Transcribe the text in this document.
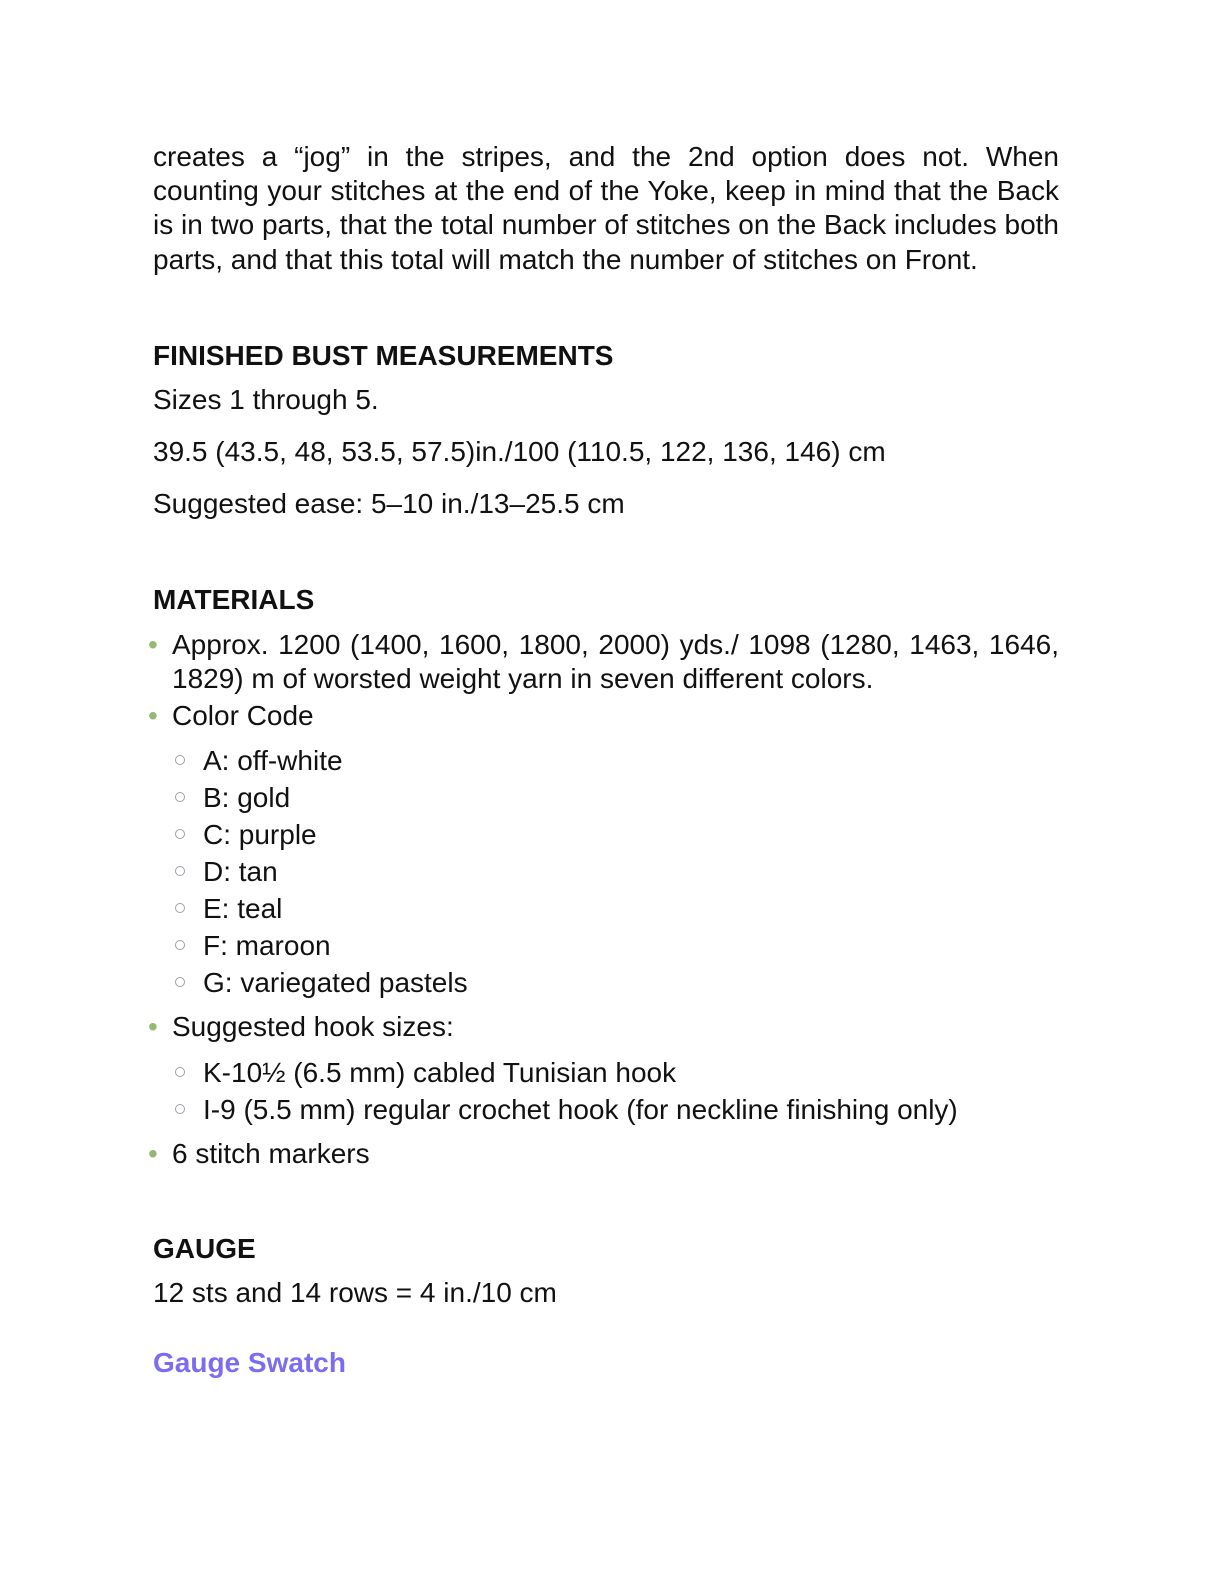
creates a “jog” in the stripes, and the 2nd option does not. When counting your stitches at the end of the Yoke, keep in mind that the Back is in two parts, that the total number of stitches on the Back includes both parts, and that this total will match the number of stitches on Front.

FINISHED BUST MEASUREMENTS

Sizes 1 through 5.

39.5 (43.5, 48, 53.5, 57.5)in./100 (110.5, 122, 136, 146) cm

Suggested ease: 5–10 in./13–25.5 cm

MATERIALS
• Approx. 1200 (1400, 1600, 1800, 2000) yds./ 1098 (1280, 1463, 1646, 1829) m of worsted weight yarn in seven different colors.
• Color Code
A: off-white
B: gold
C: purple
D: tan
E: teal
F: maroon
G: variegated pastels
• Suggested hook sizes:
K-10½ (6.5 mm) cabled Tunisian hook
I-9 (5.5 mm) regular crochet hook (for neckline finishing only)
• 6 stitch markers
GAUGE

12 sts and 14 rows = 4 in./10 cm

Gauge Swatch
